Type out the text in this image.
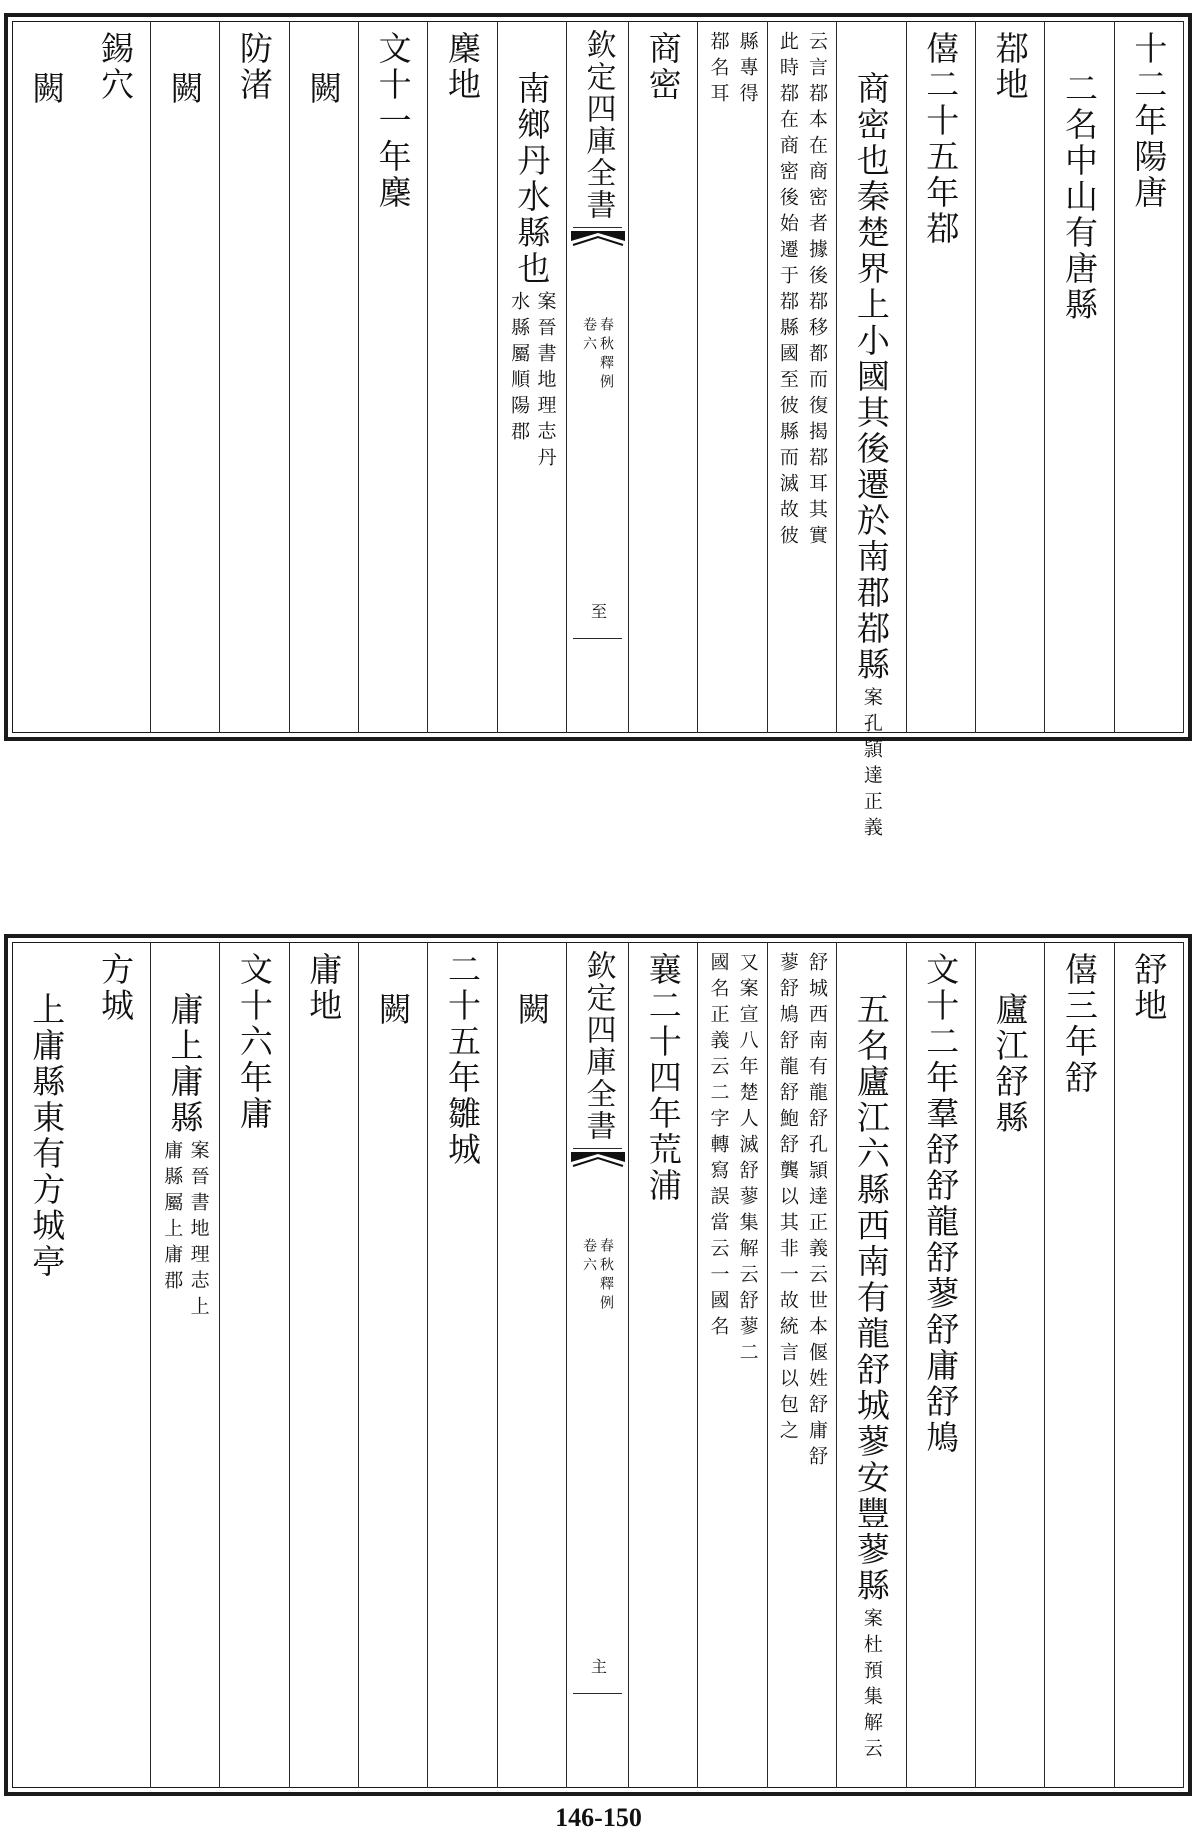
十二年陽唐
二名中山有唐縣
鄀地
僖二十五年鄀
商密也秦楚界上小國其後遷於南郡鄀縣
案孔頴達正義
云言鄀本在商密者據後鄀移都而復揭鄀耳其實
此時鄀在商密後始遷于鄀縣國至彼縣而滅故彼
縣專得
鄀名耳
商密
欽定四庫全書
春秋釋例
卷六
至
南鄉丹水縣也
案晉書地理志丹
水縣屬順陽郡
麇地
文十一年麇
闕
防渚
闕
錫穴
闕
舒地
僖三年舒
廬江舒縣
文十二年羣舒舒龍舒蓼舒庸舒鳩
五名廬江六縣西南有龍舒城蓼安豐蓼縣
案杜預集解云
舒城西南有龍舒孔頴達正義云世本偃姓舒庸舒
蓼舒鳩舒龍舒鮑舒龔以其非一故統言以包之
又案宣八年楚人滅舒蓼集解云舒蓼二
國名正義云二字轉寫誤當云一國名
襄二十四年荒浦
欽定四庫全書
春秋釋例
卷六
主
闕
二十五年雛城
闕
庸地
文十六年庸
庸上庸縣
案晉書地理志上
庸縣屬上庸郡
方城
上庸縣東有方城亭
146-150
